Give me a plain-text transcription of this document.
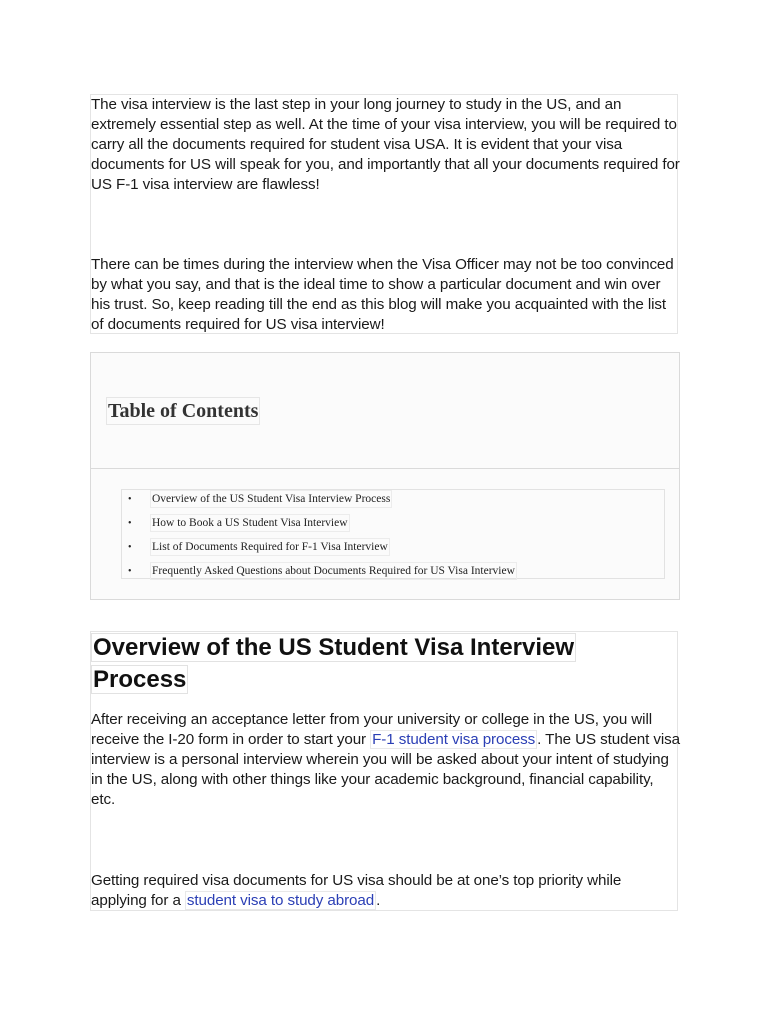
The visa interview is the last step in your long journey to study in the US, and an extremely essential step as well. At the time of your visa interview, you will be required to carry all the documents required for student visa USA. It is evident that your visa documents for US will speak for you, and importantly that all your documents required for US F-1 visa interview are flawless!

There can be times during the interview when the Visa Officer may not be too convinced by what you say, and that is the ideal time to show a particular document and win over his trust. So, keep reading till the end as this blog will make you acquainted with the list of documents required for US visa interview!

Table of Contents
• Overview of the US Student Visa Interview Process
• How to Book a US Student Visa Interview
• List of Documents Required for F-1 Visa Interview
• Frequently Asked Questions about Documents Required for US Visa Interview
Overview of the US Student Visa Interview
Process

After receiving an acceptance letter from your university or college in the US, you will receive the I-20 form in order to start your F-1 student visa process . The US student visa interview is a personal interview wherein you will be asked about your intent of studying in the US, along with other things like your academic background, financial capability, etc.

Getting required visa documents for US visa should be at one’s top priority while applying for a student visa to study abroad .
